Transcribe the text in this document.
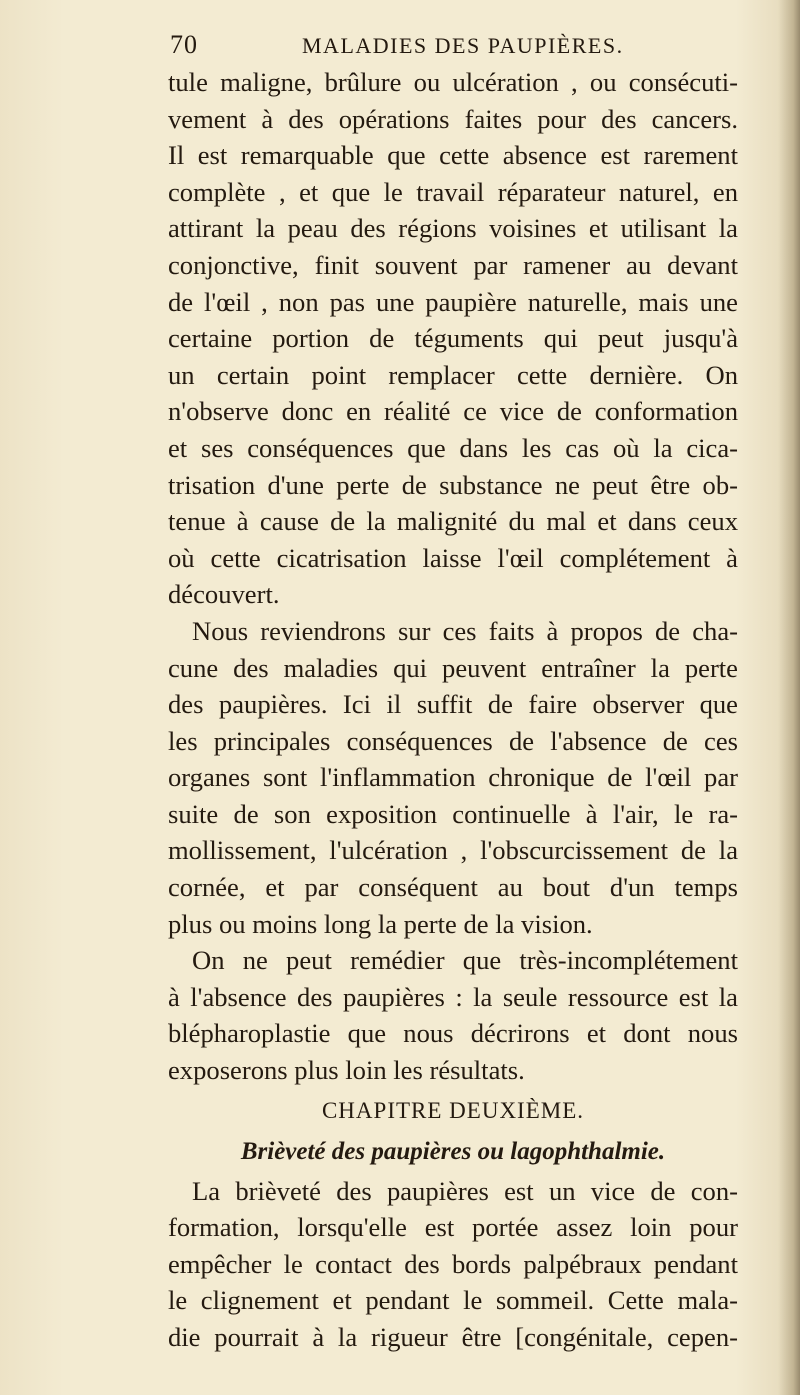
70	MALADIES DES PAUPIÈRES.
tule maligne, brûlure ou ulcération , ou consécuti-
vement à des opérations faites pour des cancers.
Il est remarquable que cette absence est rarement
complète , et que le travail réparateur naturel, en
attirant la peau des régions voisines et utilisant la
conjonctive, finit souvent par ramener au devant
de l'œil , non pas une paupière naturelle, mais une
certaine portion de téguments qui peut jusqu'à
un certain point remplacer cette dernière. On
n'observe donc en réalité ce vice de conformation
et ses conséquences que dans les cas où la cica-
trisation d'une perte de substance ne peut être ob-
tenue à cause de la malignité du mal et dans ceux
où cette cicatrisation laisse l'œil complétement à
découvert.
Nous reviendrons sur ces faits à propos de cha-
cune des maladies qui peuvent entraîner la perte
des paupières. Ici il suffit de faire observer que
les principales conséquences de l'absence de ces
organes sont l'inflammation chronique de l'œil par
suite de son exposition continuelle à l'air, le ra-
mollissement, l'ulcération , l'obscurcissement de la
cornée, et par conséquent au bout d'un temps
plus ou moins long la perte de la vision.
On ne peut remédier que très-incomplétement
à l'absence des paupières : la seule ressource est la
blépharoplastie que nous décrirons et dont nous
exposerons plus loin les résultats.
CHAPITRE DEUXIÈME.
Brièveté des paupières ou lagophthalmie.
La brièveté des paupières est un vice de con-
formation, lorsqu'elle est portée assez loin pour
empêcher le contact des bords palpébraux pendant
le clignement et pendant le sommeil. Cette mala-
die pourrait à la rigueur être [congénitale, cepen-
